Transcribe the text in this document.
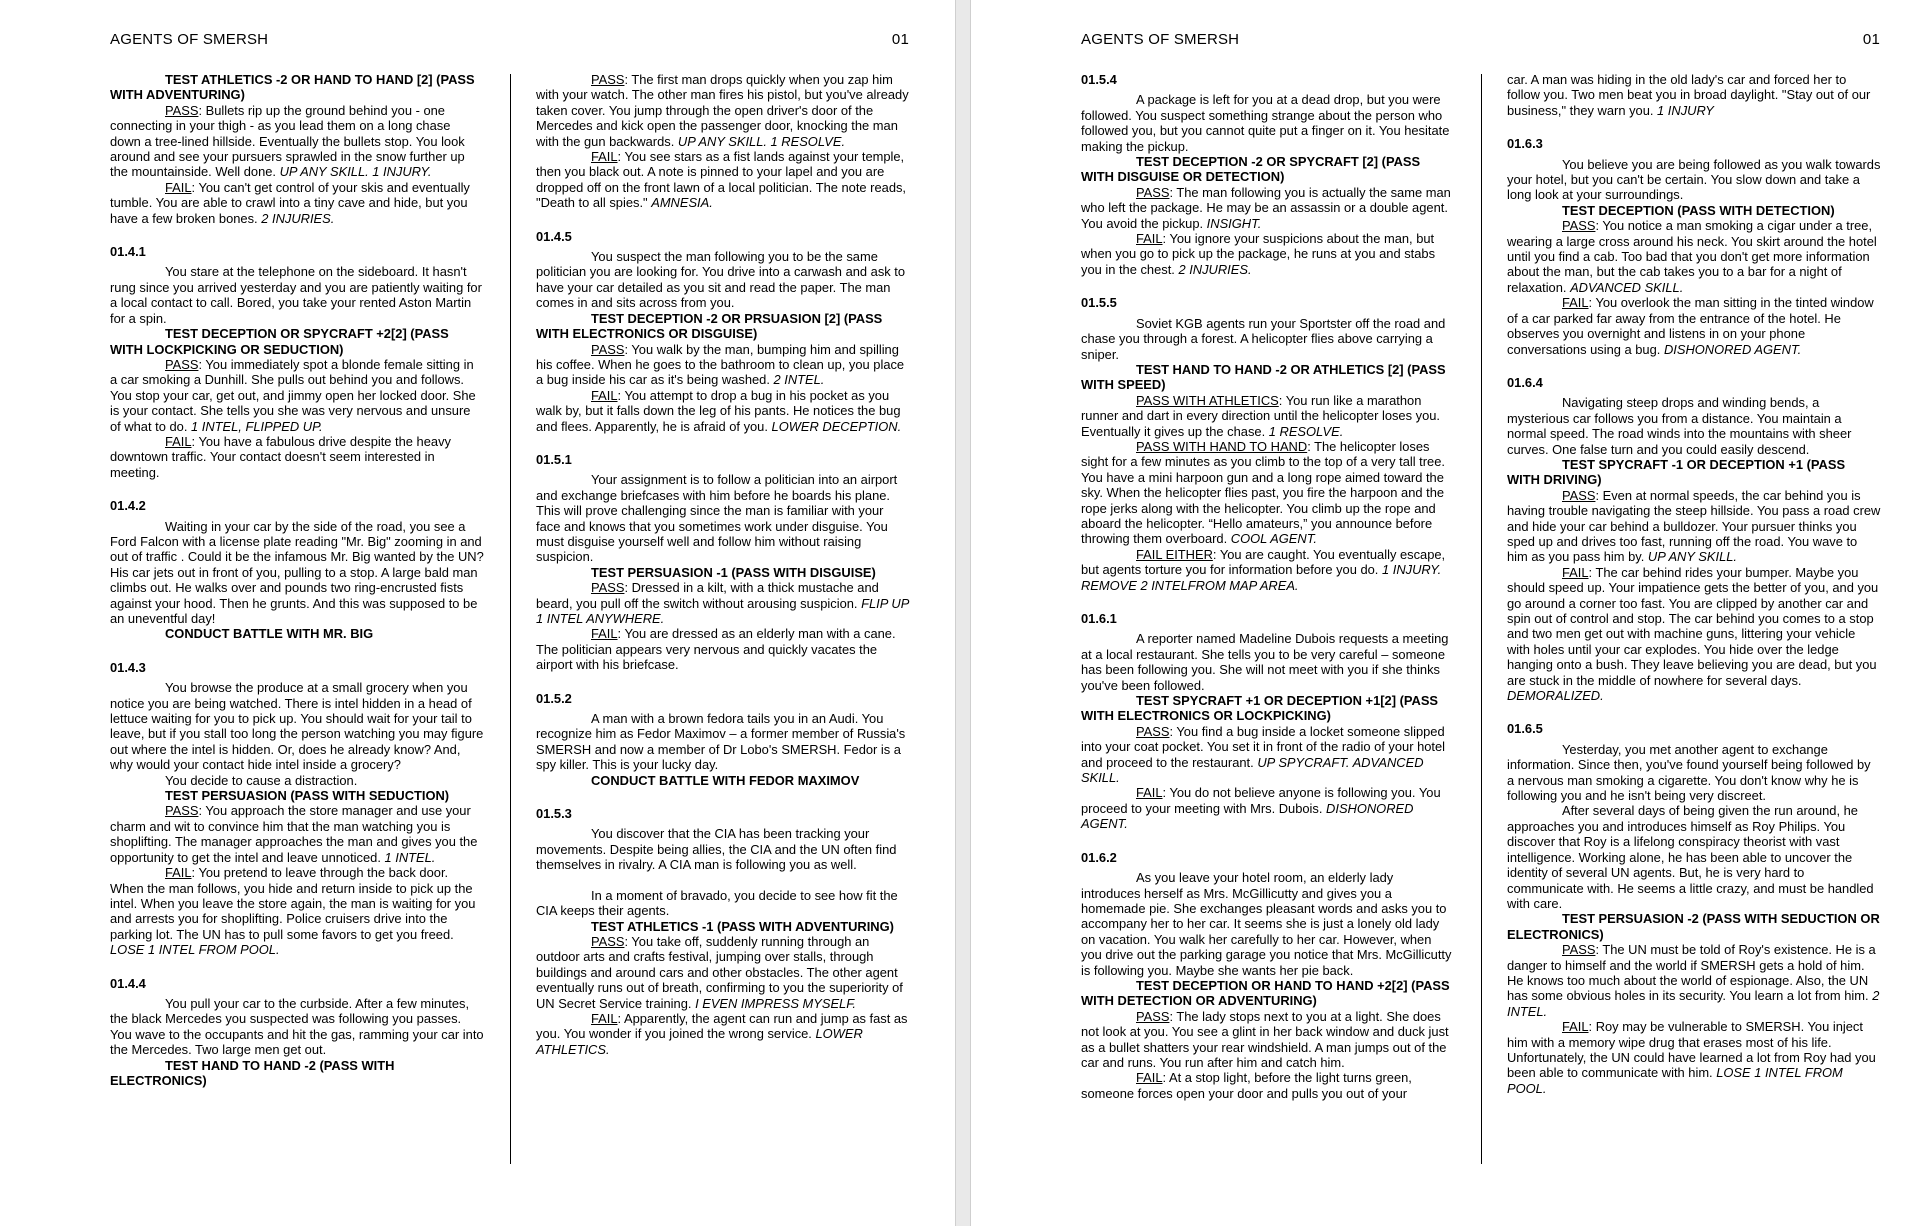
AGENTS OF SMERSH	01
TEST ATHLETICS -2 OR HAND TO HAND [2] (PASS WITH ADVENTURING)
PASS: Bullets rip up the ground behind you - one connecting in your thigh - as you lead them on a long chase down a tree-lined hillside. Eventually the bullets stop. You look around and see your pursuers sprawled in the snow further up the mountainside. Well done. UP ANY SKILL. 1 INJURY.
FAIL: You can't get control of your skis and eventually tumble. You are able to crawl into a tiny cave and hide, but you have a few broken bones. 2 INJURIES.
01.4.1
You stare at the telephone on the sideboard. It hasn't rung since you arrived yesterday and you are patiently waiting for a local contact to call. Bored, you take your rented Aston Martin for a spin.
TEST DECEPTION OR SPYCRAFT +2[2] (PASS WITH LOCKPICKING OR SEDUCTION)
PASS: You immediately spot a blonde female sitting in a car smoking a Dunhill. She pulls out behind you and follows. You stop your car, get out, and jimmy open her locked door. She is your contact. She tells you she was very nervous and unsure of what to do. 1 INTEL, FLIPPED UP.
FAIL: You have a fabulous drive despite the heavy downtown traffic. Your contact doesn't seem interested in meeting.
01.4.2
Waiting in your car by the side of the road, you see a Ford Falcon with a license plate reading "Mr. Big" zooming in and out of traffic . Could it be the infamous Mr. Big wanted by the UN? His car jets out in front of you, pulling to a stop. A large bald man climbs out. He walks over and pounds two ring-encrusted fists against your hood. Then he grunts. And this was supposed to be an uneventful day!
CONDUCT BATTLE WITH MR. BIG
01.4.3
You browse the produce at a small grocery when you notice you are being watched. There is intel hidden in a head of lettuce waiting for you to pick up. You should wait for your tail to leave, but if you stall too long the person watching you may figure out where the intel is hidden. Or, does he already know? And, why would your contact hide intel inside a grocery?
You decide to cause a distraction.
TEST PERSUASION (PASS WITH SEDUCTION)
PASS: You approach the store manager and use your charm and wit to convince him that the man watching you is shoplifting. The manager approaches the man and gives you the opportunity to get the intel and leave unnoticed. 1 INTEL.
FAIL: You pretend to leave through the back door. When the man follows, you hide and return inside to pick up the intel. When you leave the store again, the man is waiting for you and arrests you for shoplifting. Police cruisers drive into the parking lot. The UN has to pull some favors to get you freed. LOSE 1 INTEL FROM POOL.
01.4.4
You pull your car to the curbside. After a few minutes, the black Mercedes you suspected was following you passes. You wave to the occupants and hit the gas, ramming your car into the Mercedes. Two large men get out.
TEST HAND TO HAND -2 (PASS WITH ELECTRONICS)
PASS: The first man drops quickly when you zap him with your watch. The other man fires his pistol, but you've already taken cover. You jump through the open driver's door of the Mercedes and kick open the passenger door, knocking the man with the gun backwards. UP ANY SKILL. 1 RESOLVE.
FAIL: You see stars as a fist lands against your temple, then you black out. A note is pinned to your lapel and you are dropped off on the front lawn of a local politician. The note reads, "Death to all spies." AMNESIA.
01.4.5
You suspect the man following you to be the same politician you are looking for. You drive into a carwash and ask to have your car detailed as you sit and read the paper. The man comes in and sits across from you.
TEST DECEPTION -2 OR PRSUASION [2] (PASS WITH ELECTRONICS OR DISGUISE)
PASS: You walk by the man, bumping him and spilling his coffee. When he goes to the bathroom to clean up, you place a bug inside his car as it's being washed. 2 INTEL.
FAIL: You attempt to drop a bug in his pocket as you walk by, but it falls down the leg of his pants. He notices the bug and flees. Apparently, he is afraid of you. LOWER DECEPTION.
01.5.1
Your assignment is to follow a politician into an airport and exchange briefcases with him before he boards his plane. This will prove challenging since the man is familiar with your face and knows that you sometimes work under disguise. You must disguise yourself well and follow him without raising suspicion.
TEST PERSUASION -1 (PASS WITH DISGUISE)
PASS: Dressed in a kilt, with a thick mustache and beard, you pull off the switch without arousing suspicion. FLIP UP 1 INTEL ANYWHERE.
FAIL: You are dressed as an elderly man with a cane. The politician appears very nervous and quickly vacates the airport with his briefcase.
01.5.2
A man with a brown fedora tails you in an Audi. You recognize him as Fedor Maximov – a former member of Russia's SMERSH and now a member of Dr Lobo's SMERSH. Fedor is a spy killer. This is your lucky day.
CONDUCT BATTLE WITH FEDOR MAXIMOV
01.5.3
You discover that the CIA has been tracking your movements. Despite being allies, the CIA and the UN often find themselves in rivalry. A CIA man is following you as well.
In a moment of bravado, you decide to see how fit the CIA keeps their agents.
TEST ATHLETICS -1 (PASS WITH ADVENTURING)
PASS: You take off, suddenly running through an outdoor arts and crafts festival, jumping over stalls, through buildings and around cars and other obstacles. The other agent eventually runs out of breath, confirming to you the superiority of UN Secret Service training. I EVEN IMPRESS MYSELF.
FAIL: Apparently, the agent can run and jump as fast as you. You wonder if you joined the wrong service. LOWER ATHLETICS.
AGENTS OF SMERSH	01
01.5.4
A package is left for you at a dead drop, but you were followed. You suspect something strange about the person who followed you, but you cannot quite put a finger on it. You hesitate making the pickup.
TEST DECEPTION -2 OR SPYCRAFT [2] (PASS WITH DISGUISE OR DETECTION)
PASS: The man following you is actually the same man who left the package. He may be an assassin or a double agent. You avoid the pickup. INSIGHT.
FAIL: You ignore your suspicions about the man, but when you go to pick up the package, he runs at you and stabs you in the chest. 2 INJURIES.
01.5.5
Soviet KGB agents run your Sportster off the road and chase you through a forest. A helicopter flies above carrying a sniper.
TEST HAND TO HAND -2 OR ATHLETICS [2] (PASS WITH SPEED)
PASS WITH ATHLETICS: You run like a marathon runner and dart in every direction until the helicopter loses you. Eventually it gives up the chase. 1 RESOLVE.
PASS WITH HAND TO HAND: The helicopter loses sight for a few minutes as you climb to the top of a very tall tree. You have a mini harpoon gun and a long rope aimed toward the sky. When the helicopter flies past, you fire the harpoon and the rope jerks along with the helicopter. You climb up the rope and aboard the helicopter. “Hello amateurs,” you announce before throwing them overboard. COOL AGENT.
FAIL EITHER: You are caught. You eventually escape, but agents torture you for information before you do. 1 INJURY. REMOVE 2 INTELFROM MAP AREA.
01.6.1
A reporter named Madeline Dubois requests a meeting at a local restaurant. She tells you to be very careful – someone has been following you. She will not meet with you if she thinks you've been followed.
TEST SPYCRAFT +1 OR DECEPTION +1[2] (PASS WITH ELECTRONICS OR LOCKPICKING)
PASS: You find a bug inside a locket someone slipped into your coat pocket. You set it in front of the radio of your hotel and proceed to the restaurant. UP SPYCRAFT. ADVANCED SKILL.
FAIL: You do not believe anyone is following you. You proceed to your meeting with Mrs. Dubois. DISHONORED AGENT.
01.6.2
As you leave your hotel room, an elderly lady introduces herself as Mrs. McGillicutty and gives you a homemade pie. She exchanges pleasant words and asks you to accompany her to her car. It seems she is just a lonely old lady on vacation. You walk her carefully to her car. However, when you drive out the parking garage you notice that Mrs. McGillicutty is following you. Maybe she wants her pie back.
TEST DECEPTION OR HAND TO HAND +2[2] (PASS WITH DETECTION OR ADVENTURING)
PASS: The lady stops next to you at a light. She does not look at you. You see a glint in her back window and duck just as a bullet shatters your rear windshield. A man jumps out of the car and runs. You run after him and catch him.
FAIL: At a stop light, before the light turns green, someone forces open your door and pulls you out of your
car. A man was hiding in the old lady's car and forced her to follow you. Two men beat you in broad daylight. "Stay out of our business," they warn you. 1 INJURY
01.6.3
You believe you are being followed as you walk towards your hotel, but you can't be certain. You slow down and take a long look at your surroundings.
TEST DECEPTION (PASS WITH DETECTION)
PASS: You notice a man smoking a cigar under a tree, wearing a large cross around his neck. You skirt around the hotel until you find a cab. Too bad that you don't get more information about the man, but the cab takes you to a bar for a night of relaxation. ADVANCED SKILL.
FAIL: You overlook the man sitting in the tinted window of a car parked far away from the entrance of the hotel. He observes you overnight and listens in on your phone conversations using a bug. DISHONORED AGENT.
01.6.4
Navigating steep drops and winding bends, a mysterious car follows you from a distance. You maintain a normal speed. The road winds into the mountains with sheer curves. One false turn and you could easily descend.
TEST SPYCRAFT -1 OR DECEPTION +1 (PASS WITH DRIVING)
PASS: Even at normal speeds, the car behind you is having trouble navigating the steep hillside. You pass a road crew and hide your car behind a bulldozer. Your pursuer thinks you sped up and drives too fast, running off the road. You wave to him as you pass him by. UP ANY SKILL.
FAIL: The car behind rides your bumper. Maybe you should speed up. Your impatience gets the better of you, and you go around a corner too fast. You are clipped by another car and spin out of control and stop. The car behind you comes to a stop and two men get out with machine guns, littering your vehicle with holes until your car explodes. You hide over the ledge hanging onto a bush. They leave believing you are dead, but you are stuck in the middle of nowhere for several days. DEMORALIZED.
01.6.5
Yesterday, you met another agent to exchange information. Since then, you've found yourself being followed by a nervous man smoking a cigarette. You don't know why he is following you and he isn't being very discreet.
After several days of being given the run around, he approaches you and introduces himself as Roy Philips. You discover that Roy is a lifelong conspiracy theorist with vast intelligence. Working alone, he has been able to uncover the identity of several UN agents. But, he is very hard to communicate with. He seems a little crazy, and must be handled with care.
TEST PERSUASION -2 (PASS WITH SEDUCTION OR ELECTRONICS)
PASS: The UN must be told of Roy's existence. He is a danger to himself and the world if SMERSH gets a hold of him. He knows too much about the world of espionage. Also, the UN has some obvious holes in its security. You learn a lot from him. 2 INTEL.
FAIL: Roy may be vulnerable to SMERSH. You inject him with a memory wipe drug that erases most of his life. Unfortunately, the UN could have learned a lot from Roy had you been able to communicate with him. LOSE 1 INTEL FROM POOL.
